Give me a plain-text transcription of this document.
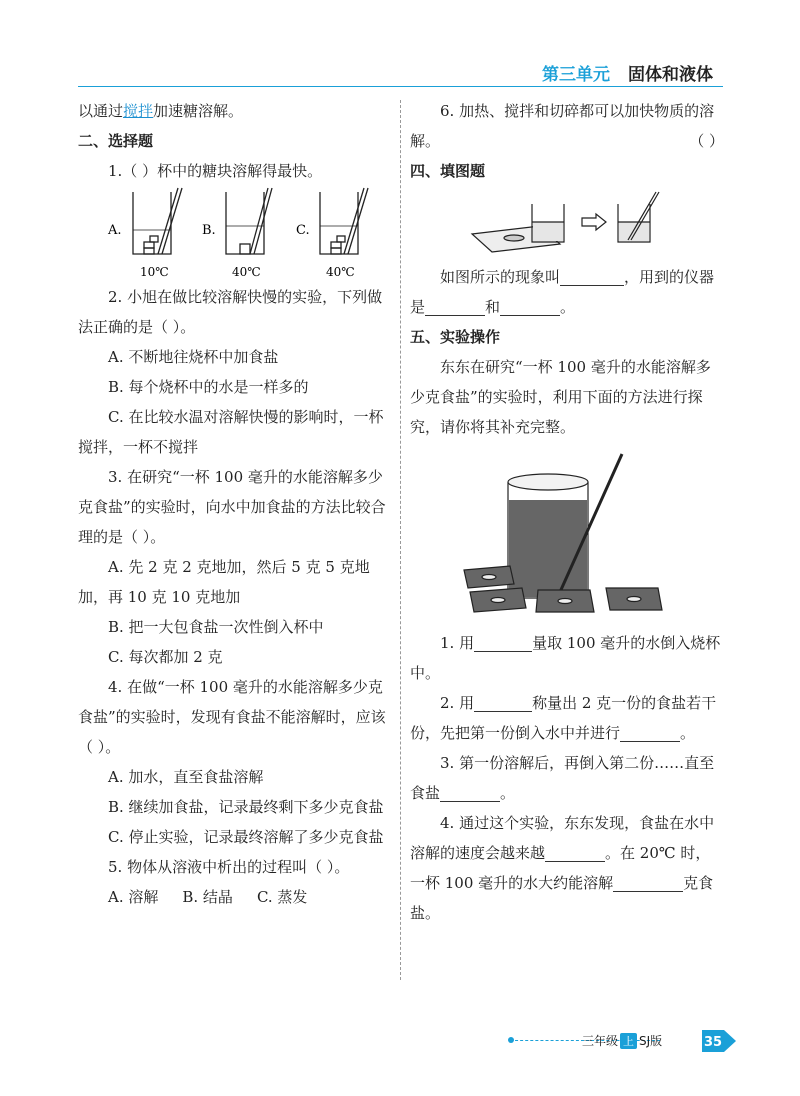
第三单元 固体和液体

以通过搅拌加速糖溶解。

二、选择题

1.（ ）杯中的糖块溶解得最快。

A.	B.	C.
10℃	40℃	40℃

2. 小旭在做比较溶解快慢的实验，下列做法正确的是（ ）。

A. 不断地往烧杯中加食盐

B. 每个烧杯中的水是一样多的

C. 在比较水温对溶解快慢的影响时，一杯搅拌，一杯不搅拌

3. 在研究“一杯 100 毫升的水能溶解多少克食盐”的实验时，向水中加食盐的方法比较合理的是（ ）。

A. 先 2 克 2 克地加，然后 5 克 5 克地加，再 10 克 10 克地加

B. 把一大包食盐一次性倒入杯中

C. 每次都加 2 克

4. 在做“一杯 100 毫升的水能溶解多少克食盐”的实验时，发现有食盐不能溶解时，应该（ ）。

A. 加水，直至食盐溶解

B. 继续加食盐，记录最终剩下多少克食盐

C. 停止实验，记录最终溶解了多少克食盐

5. 物体从溶液中析出的过程叫（ ）。

A. 溶解 B. 结晶 C. 蒸发

6. 加热、搅拌和切碎都可以加快物质的溶解。	（ ）

四、填图题

如图所示的现象叫	，用到的仪器是	和	。

五、实验操作

东东在研究“一杯 100 毫升的水能溶解多少克食盐”的实验时，利用下面的方法进行探究，请你将其补充完整。

1. 用	量取 100 毫升的水倒入烧杯中。

2. 用	称量出 2 克一份的食盐若干份，先把第一份倒入水中并进行	。

3. 第一份溶解后，再倒入第二份……直至食盐	。

4. 通过这个实验，东东发现，食盐在水中溶解的速度会越来越	。在 20℃ 时，一杯 100 毫升的水大约能溶解	克食盐。

三年级 上 SJ版	35
